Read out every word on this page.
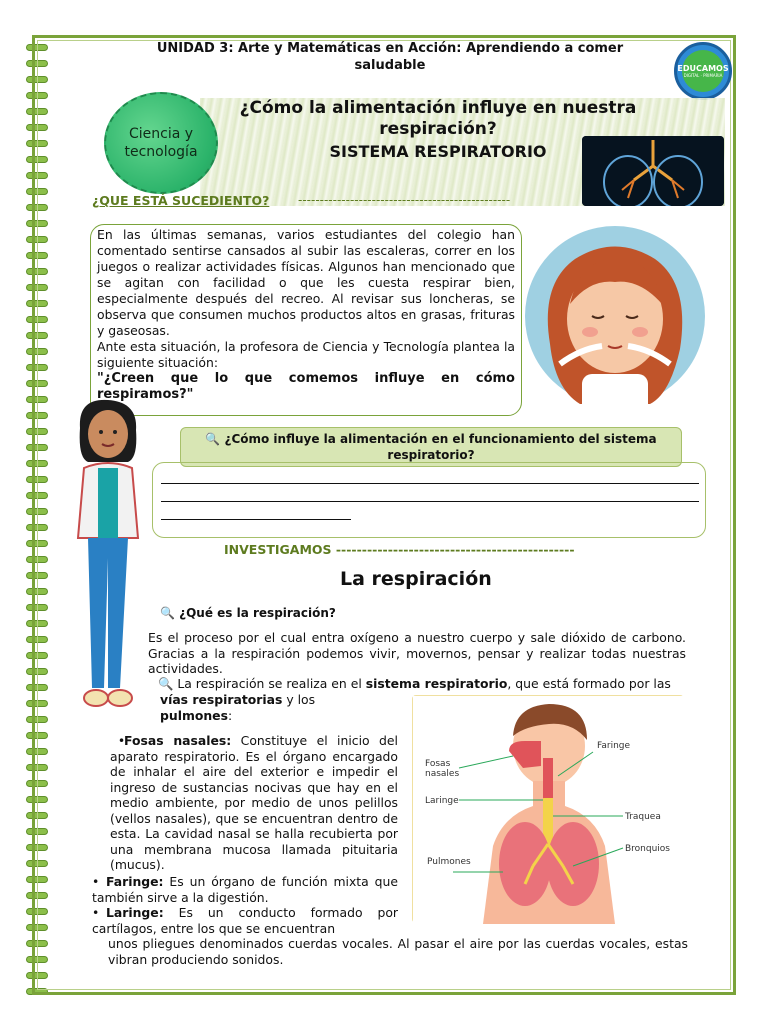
UNIDAD 3: Arte y Matemáticas en Acción: Aprendiendo a comer saludable	EDUCAMOS
DIGITAL · PRIMARIA
Ciencia y tecnología
¿Cómo la alimentación influye en nuestra respiración?
SISTEMA RESPIRATORIO
¿QUE ESTÁ SUCEDIENTO? -------------------------------------------------

En las últimas semanas, varios estudiantes del colegio han comentado sentirse cansados al subir las escaleras, correr en los juegos o realizar actividades físicas. Algunos han mencionado que se agitan con facilidad o que les cuesta respirar bien, especialmente después del recreo. Al revisar sus loncheras, se observa que consumen muchos productos altos en grasas, frituras y gaseosas.

Ante esta situación, la profesora de Ciencia y Tecnología plantea la siguiente situación:

"¿Creen que lo que comemos influye en cómo respiramos?"

🔍 ¿Cómo influye la alimentación en el funcionamiento del sistema respiratorio?
INVESTIGAMOS ----------------------------------------------
La respiración
🔍 ¿Qué es la respiración?
Es el proceso por el cual entra oxígeno a nuestro cuerpo y sale dióxido de carbono. Gracias a la respiración podemos vivir, movernos, pensar y realizar todas nuestras actividades.
🔍 La respiración se realiza en el sistema respiratorio, que está formado por las
vías respiratorias y los
pulmones:
Fosas
nasales
Faringe
Laringe
Traquea
Bronquios
Pulmones
•Fosas nasales: Constituye el inicio del aparato respiratorio. Es el órgano encargado de inhalar el aire del exterior e impedir el ingreso de sustancias nocivas que hay en el medio ambiente, por medio de unos pelillos (vellos nasales), que se encuentran dentro de esta. La cavidad nasal se halla recubierta por una membrana mucosa llamada pituitaria (mucus).
• Faringe: Es un órgano de función mixta que también sirve a la digestión.
• Laringe: Es un conducto formado por cartílagos, entre los que se encuentran
unos pliegues denominados cuerdas vocales. Al pasar el aire por las cuerdas vocales, estas vibran produciendo sonidos.
